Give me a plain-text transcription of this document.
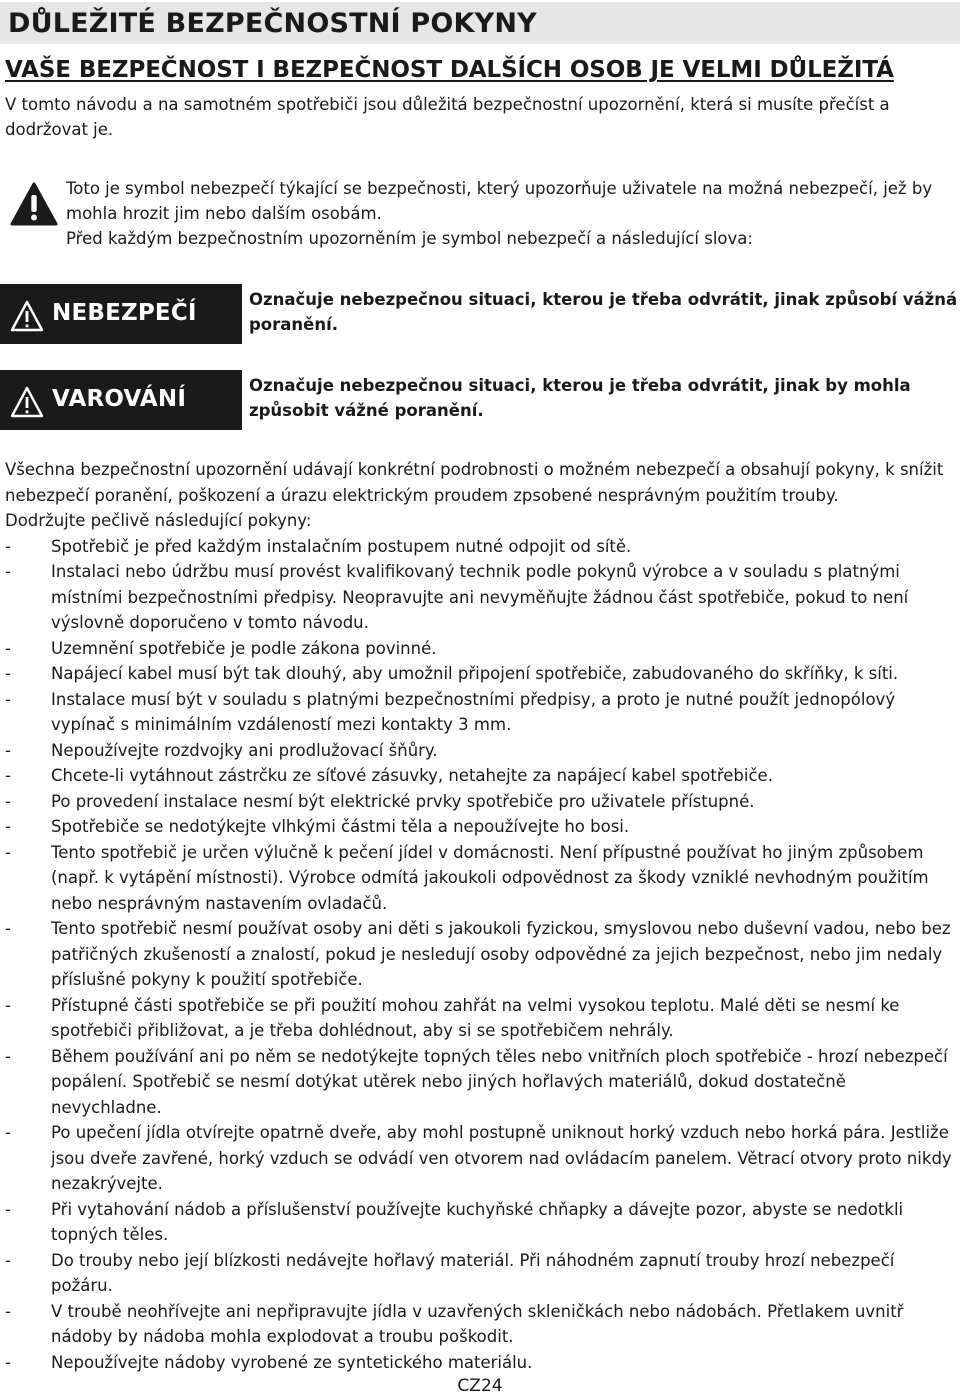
DŮLEŽITÉ BEZPEČNOSTNÍ POKYNY
VAŠE BEZPEČNOST I BEZPEČNOST DALŠÍCH OSOB JE VELMI DŮLEŽITÁ
V tomto návodu a na samotném spotřebiči jsou důležitá bezpečnostní upozornění, která si musíte přečíst a dodržovat je.
Toto je symbol nebezpečí týkající se bezpečnosti, který upozorňuje uživatele na možná nebezpečí, jež by mohla hrozit jim nebo dalším osobám.
Před každým bezpečnostním upozorněním je symbol nebezpečí a následující slova:
NEBEZPEČÍ
Označuje nebezpečnou situaci, kterou je třeba odvrátit, jinak způsobí vážná poranění.
VAROVÁNÍ
Označuje nebezpečnou situaci, kterou je třeba odvrátit, jinak by mohla způsobit vážné poranění.

Všechna bezpečnostní upozornění udávají konkrétní podrobnosti o možném nebezpečí a obsahují pokyny, k snížit nebezpečí poranění, poškození a úrazu elektrickým proudem zpsobené nesprávným použitím trouby.

Dodržujte pečlivě následující pokyny:

- Spotřebič je před každým instalačním postupem nutné odpojit od sítě.
- Instalaci nebo údržbu musí provést kvalifikovaný technik podle pokynů výrobce a v souladu s platnými místními bezpečnostními předpisy. Neopravujte ani nevyměňujte žádnou část spotřebiče, pokud to není výslovně doporučeno v tomto návodu.
- Uzemnění spotřebiče je podle zákona povinné.
- Napájecí kabel musí být tak dlouhý, aby umožnil připojení spotřebiče, zabudovaného do skříňky, k síti.
- Instalace musí být v souladu s platnými bezpečnostními předpisy, a proto je nutné použít jednopólový vypínač s minimálním vzdáleností mezi kontakty 3 mm.
- Nepoužívejte rozdvojky ani prodlužovací šňůry.
- Chcete-li vytáhnout zástrčku ze síťové zásuvky, netahejte za napájecí kabel spotřebiče.
- Po provedení instalace nesmí být elektrické prvky spotřebiče pro uživatele přístupné.
- Spotřebiče se nedotýkejte vlhkými částmi těla a nepoužívejte ho bosi.
- Tento spotřebič je určen výlučně k pečení jídel v domácnosti. Není přípustné používat ho jiným způsobem (např. k vytápění místnosti). Výrobce odmítá jakoukoli odpovědnost za škody vzniklé nevhodným použitím nebo nesprávným nastavením ovladačů.
- Tento spotřebič nesmí používat osoby ani děti s jakoukoli fyzickou, smyslovou nebo duševní vadou, nebo bez patřičných zkušeností a znalostí, pokud je nesledují osoby odpovědné za jejich bezpečnost, nebo jim nedaly příslušné pokyny k použití spotřebiče.
- Přístupné části spotřebiče se při použití mohou zahřát na velmi vysokou teplotu. Malé děti se nesmí ke spotřebiči přibližovat, a je třeba dohlédnout, aby si se spotřebičem nehrály.
- Během používání ani po něm se nedotýkejte topných těles nebo vnitřních ploch spotřebiče - hrozí nebezpečí popálení. Spotřebič se nesmí dotýkat utěrek nebo jiných hořlavých materiálů, dokud dostatečně nevychladne.
- Po upečení jídla otvírejte opatrně dveře, aby mohl postupně uniknout horký vzduch nebo horká pára. Jestliže jsou dveře zavřené, horký vzduch se odvádí ven otvorem nad ovládacím panelem. Větrací otvory proto nikdy nezakrývejte.
- Při vytahování nádob a příslušenství používejte kuchyňské chňapky a dávejte pozor, abyste se nedotkli topných těles.
- Do trouby nebo její blízkosti nedávejte hořlavý materiál. Při náhodném zapnutí trouby hrozí nebezpečí požáru.
- V troubě neohřívejte ani nepřipravujte jídla v uzavřených skleničkách nebo nádobách. Přetlakem uvnitř nádoby by nádoba mohla explodovat a troubu poškodit.
- Nepoužívejte nádoby vyrobené ze syntetického materiálu.
CZ24
